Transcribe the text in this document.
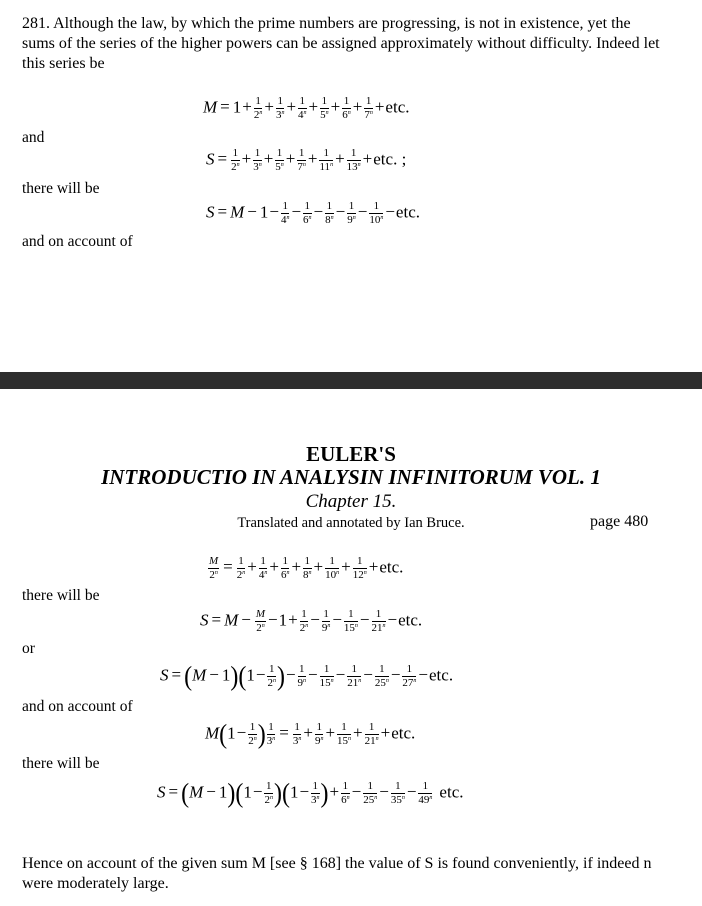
281. Although the law, by which the prime numbers are progressing, is not in existence, yet the sums of the series of the higher powers can be assigned approximately without difficulty. Indeed let this series be
$M = 1+ \frac{1}{2^n} + \frac{1}{3^n} + \frac{1}{4^n} + \frac{1}{5^n} + \frac{1}{6^n} + \frac{1}{7^n} +etc$.
and
$S = \frac{1}{2^n} + \frac{1}{3^n} + \frac{1}{5^n} + \frac{1}{7^n} + \frac{1}{11^n} + \frac{1}{13^n} +etc$. ;
there will be
$S = M - 1- \frac{1}{4^n} - \frac{1}{6^n} - \frac{1}{8^n} - \frac{1}{9^n} - \frac{1}{10^n} -etc$.
and on account of
EULER'S
INTRODUCTIO IN ANALYSIN INFINITORUM VOL. 1
Chapter 15.
Translated and annotated by Ian Bruce.	page 480
$\frac{M}{2^n} = \frac{1}{2^n} + \frac{1}{4^n} + \frac{1}{6^n} + \frac{1}{8^n} + \frac{1}{10^n} + \frac{1}{12^n} +etc$.
there will be
$S = M - \frac{M}{2^n} -1+ \frac{1}{2^n} - \frac{1}{9^n} - \frac{1}{15^n} - \frac{1}{21^n} -etc$.
or
$S = (M - 1)(1- \frac{1}{2^n}$ )− $\frac{1}{9^n} - \frac{1}{15^n} - \frac{1}{21^n} - \frac{1}{25^n} - \frac{1}{27^n} -etc$.
and on account of
$M(1- \frac{1}{2^n}$ ) $\frac{1}{3^n} = \frac{1}{3^n} + \frac{1}{9^n} + \frac{1}{15^n} + \frac{1}{21^n} +etc$.
there will be
$S = (M - 1)(1- \frac{1}{2^n} )(1- \frac{1}{3^n}$ )+ $\frac{1}{6^n} - \frac{1}{25^n} - \frac{1}{35^n} - \frac{1}{49^n}$ etc.
Hence on account of the given sum M [see § 168] the value of S is found conveniently, if indeed n were moderately large.
